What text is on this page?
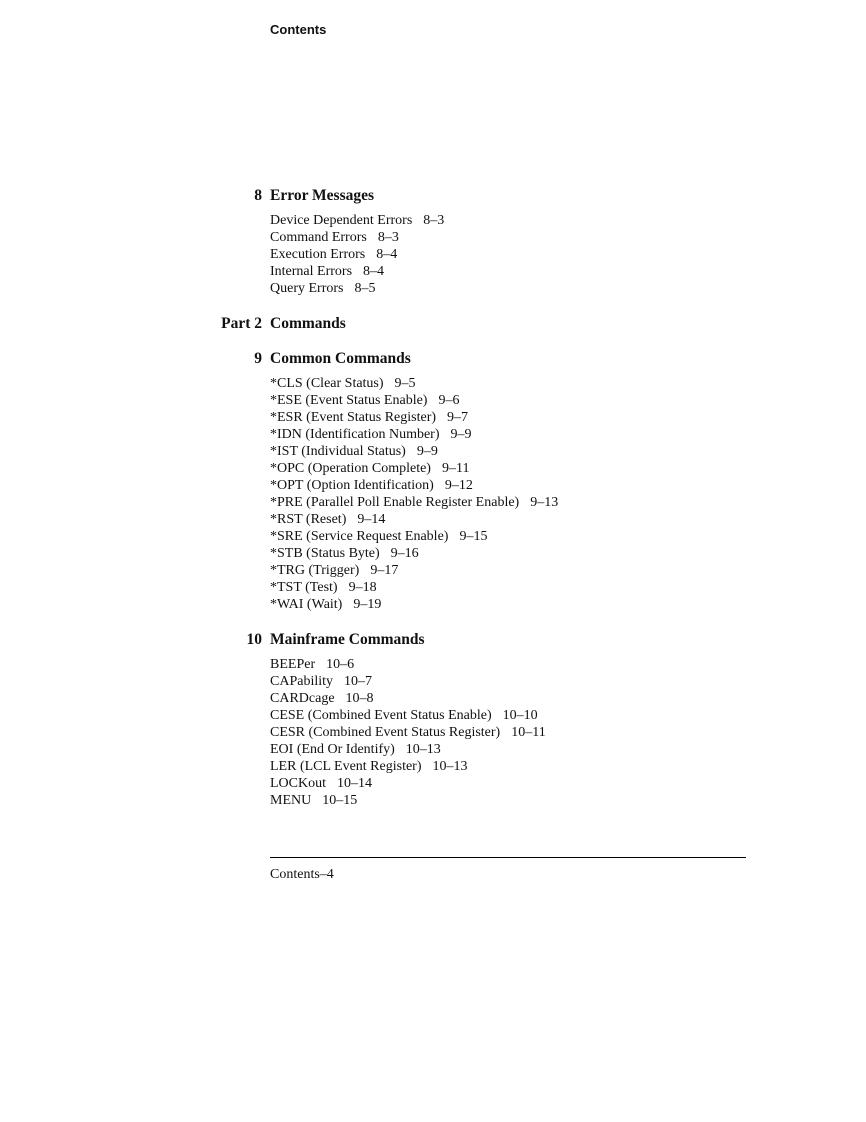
Contents
8 Error Messages
Device Dependent Errors 8–3
Command Errors 8–3
Execution Errors 8–4
Internal Errors 8–4
Query Errors 8–5
Part 2 Commands
9 Common Commands
*CLS (Clear Status) 9–5
*ESE (Event Status Enable) 9–6
*ESR (Event Status Register) 9–7
*IDN (Identification Number) 9–9
*IST (Individual Status) 9–9
*OPC (Operation Complete) 9–11
*OPT (Option Identification) 9–12
*PRE (Parallel Poll Enable Register Enable) 9–13
*RST (Reset) 9–14
*SRE (Service Request Enable) 9–15
*STB (Status Byte) 9–16
*TRG (Trigger) 9–17
*TST (Test) 9–18
*WAI (Wait) 9–19
10 Mainframe Commands
BEEPer 10–6
CAPability 10–7
CARDcage 10–8
CESE (Combined Event Status Enable) 10–10
CESR (Combined Event Status Register) 10–11
EOI (End Or Identify) 10–13
LER (LCL Event Register) 10–13
LOCKout 10–14
MENU 10–15
Contents–4
